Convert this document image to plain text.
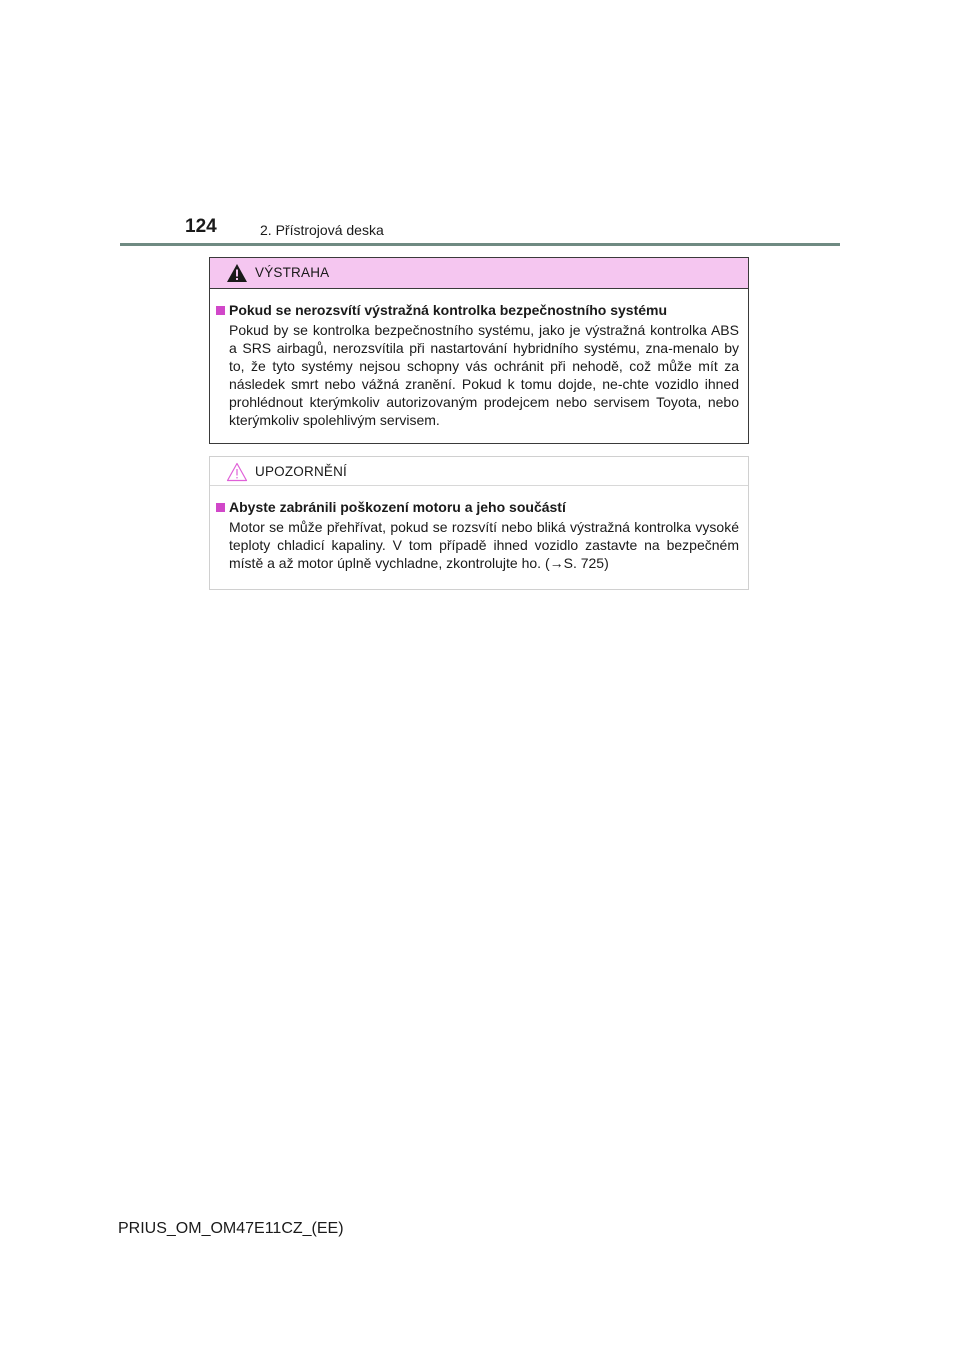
124	2. Přístrojová deska
VÝSTRAHA
Pokud se nerozsvítí výstražná kontrolka bezpečnostního systému

Pokud by se kontrolka bezpečnostního systému, jako je výstražná kontrolka ABS a SRS airbagů, nerozsvítila při nastartování hybridního systému, zna-menalo by to, že tyto systémy nejsou schopny vás ochránit při nehodě, což může mít za následek smrt nebo vážná zranění. Pokud k tomu dojde, ne-chte vozidlo ihned prohlédnout kterýmkoliv autorizovaným prodejcem nebo servisem Toyota, nebo kterýmkoliv spolehlivým servisem.

UPOZORNĚNÍ
Abyste zabránili poškození motoru a jeho součástí

Motor se může přehřívat, pokud se rozsvítí nebo bliká výstražná kontrolka vysoké teploty chladicí kapaliny. V tom případě ihned vozidlo zastavte na bezpečném místě a až motor úplně vychladne, zkontrolujte ho. (→S. 725)

PRIUS_OM_OM47E11CZ_(EE)
